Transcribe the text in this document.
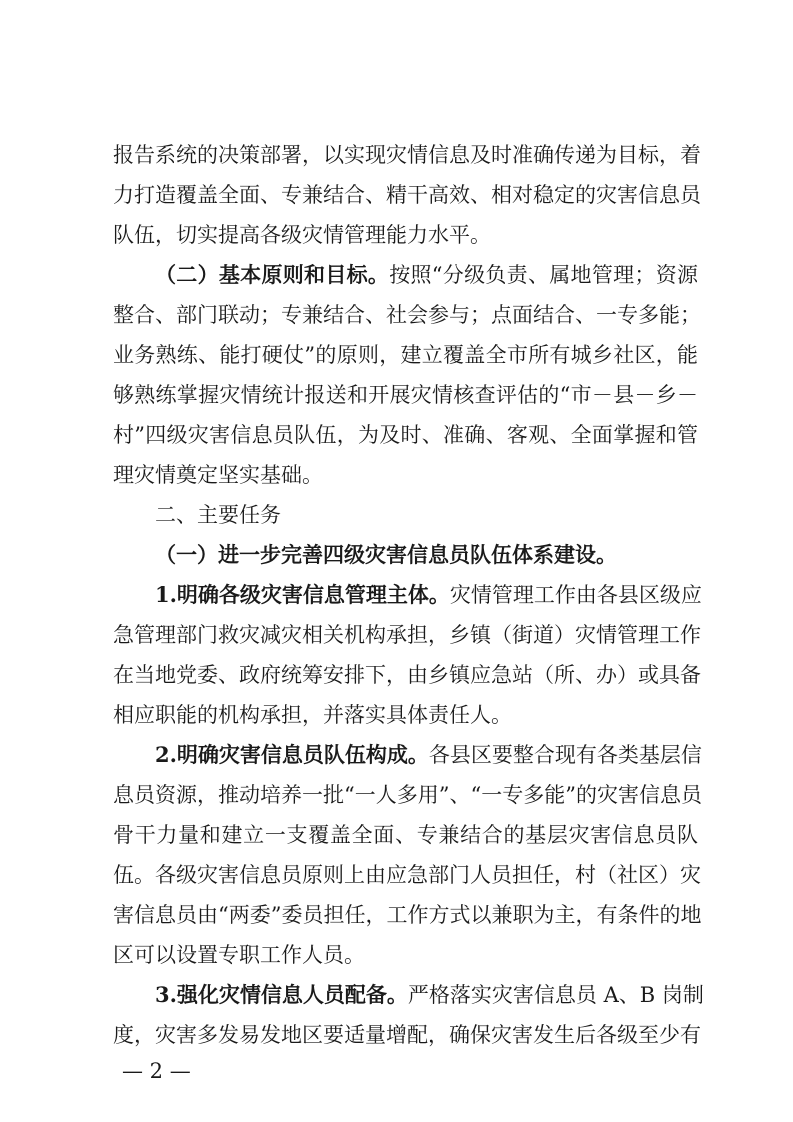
— 2 —
报告系统的决策部署，以实现灾情信息及时准确传递为目标，着
力打造覆盖全面、专兼结合、精干高效、相对稳定的灾害信息员
队伍，切实提高各级灾情管理能力水平。
（二）基本原则和目标。按照“分级负责、属地管理；资源
整合、部门联动；专兼结合、社会参与；点面结合、一专多能；
业务熟练、能打硬仗”的原则，建立覆盖全市所有城乡社区，能
够熟练掌握灾情统计报送和开展灾情核查评估的“市－县－乡－
村”四级灾害信息员队伍，为及时、准确、客观、全面掌握和管
理灾情奠定坚实基础。
二、主要任务
（一）进一步完善四级灾害信息员队伍体系建设。
1.明确各级灾害信息管理主体。灾情管理工作由各县区级应
急管理部门救灾减灾相关机构承担，乡镇（街道）灾情管理工作
在当地党委、政府统筹安排下，由乡镇应急站（所、办）或具备
相应职能的机构承担，并落实具体责任人。
2.明确灾害信息员队伍构成。各县区要整合现有各类基层信
息员资源，推动培养一批“一人多用”、“一专多能”的灾害信息员
骨干力量和建立一支覆盖全面、专兼结合的基层灾害信息员队
伍。各级灾害信息员原则上由应急部门人员担任，村（社区）灾
害信息员由“两委”委员担任，工作方式以兼职为主，有条件的地
区可以设置专职工作人员。
3.强化灾情信息人员配备。严格落实灾害信息员 A、B 岗制
度，灾害多发易发地区要适量增配，确保灾害发生后各级至少有
